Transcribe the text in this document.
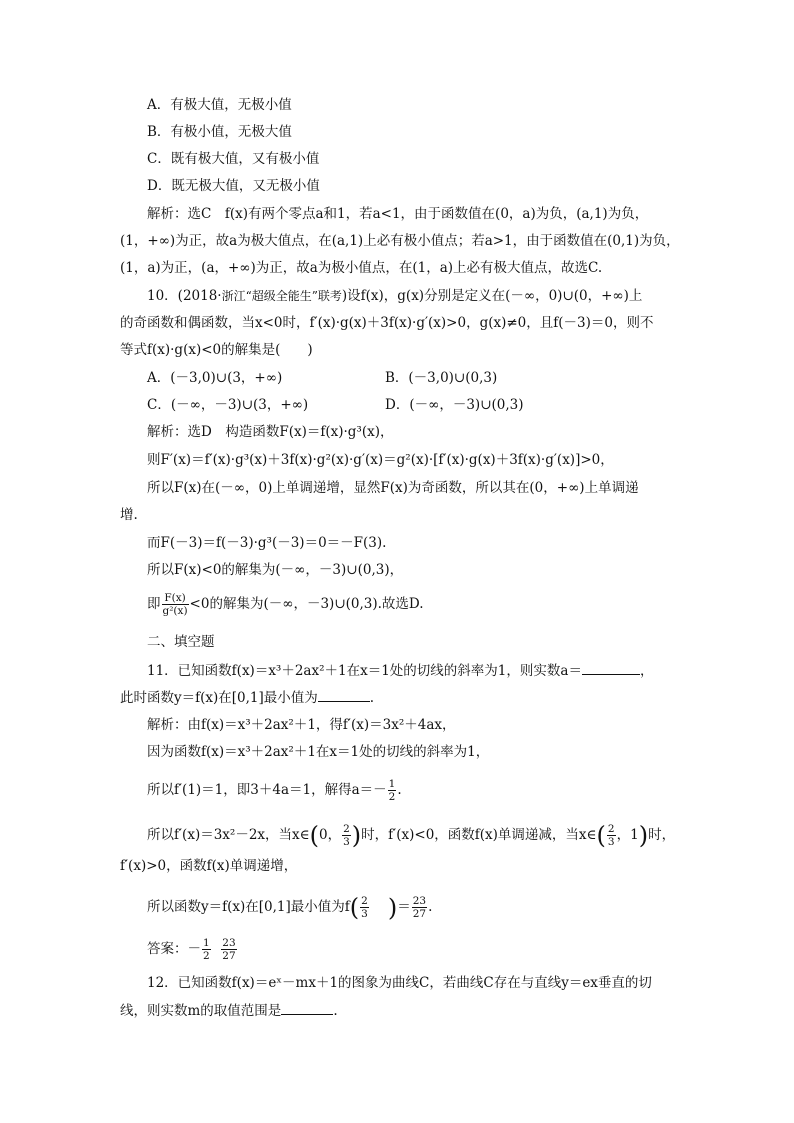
A．有极大值，无极小值
B．有极小值，无极大值
C．既有极大值，又有极小值
D．既无极大值，又无极小值
解析：选C　f(x)有两个零点a和1，若a<1，由于函数值在(0，a)为负，(a,1)为负，
(1，+∞)为正，故a为极大值点，在(a,1)上必有极小值点；若a>1，由于函数值在(0,1)为负，
(1，a)为正，(a，+∞)为正，故a为极小值点，在(1，a)上必有极大值点，故选C.
10．(2018·浙江“超级全能生”联考)设f(x)，g(x)分别是定义在(－∞，0)∪(0，+∞)上
的奇函数和偶函数，当x<0时，f′(x)·g(x)＋3f(x)·g′(x)>0，g(x)≠0，且f(－3)＝0，则不
等式f(x)·g(x)<0的解集是(　　)
A．(－3,0)∪(3，+∞)	B．(－3,0)∪(0,3)
C．(－∞，－3)∪(3，+∞)	D．(－∞，－3)∪(0,3)
解析：选D　构造函数F(x)＝f(x)·g³(x)，
则F′(x)＝f′(x)·g³(x)＋3f(x)·g²(x)·g′(x)＝g²(x)·[f′(x)·g(x)＋3f(x)·g′(x)]>0，
所以F(x)在(－∞，0)上单调递增，显然F(x)为奇函数，所以其在(0，+∞)上单调递
增.
而F(－3)＝f(－3)·g³(－3)＝0＝－F(3).
所以F(x)<0的解集为(－∞，－3)∪(0,3)，
即 $\frac{F(x)}{\text{g²(x)}} <0$的解集为(－∞，－3)∪(0,3).故选D.
二、填空题
11．已知函数f(x)＝x³＋2ax²＋1在x＝1处的切线的斜率为1，则实数a＝	，
此时函数y＝f(x)在[0,1]最小值为	.
解析：由f(x)＝x³＋2ax²＋1，得f′(x)＝3x²＋4ax，
因为函数f(x)＝x³＋2ax²＋1在x＝1处的切线的斜率为1，
所以f′(1)＝1，即3＋4a＝1，解得$a=- \frac{1}{2}$ .
所以f′(x)＝3x²－2x，当x∈(0， $\frac{2}{3}$ )时，f′(x)<0，函数f(x)单调递减，当x∈( $\frac{2}{3}$ ，1)时，
f′(x)>0，函数f(x)单调递增，
所以函数y＝f(x)在[0,1]最小值为$f( \frac{2}{3}$ )＝ $\frac{23}{27}$ .
答案：－ $\frac{1}{2}$
$\frac{23}{27}$
12．已知函数f(x)＝eˣ－mx＋1的图象为曲线C，若曲线C存在与直线y＝ex垂直的切
线，则实数m的取值范围是	.
